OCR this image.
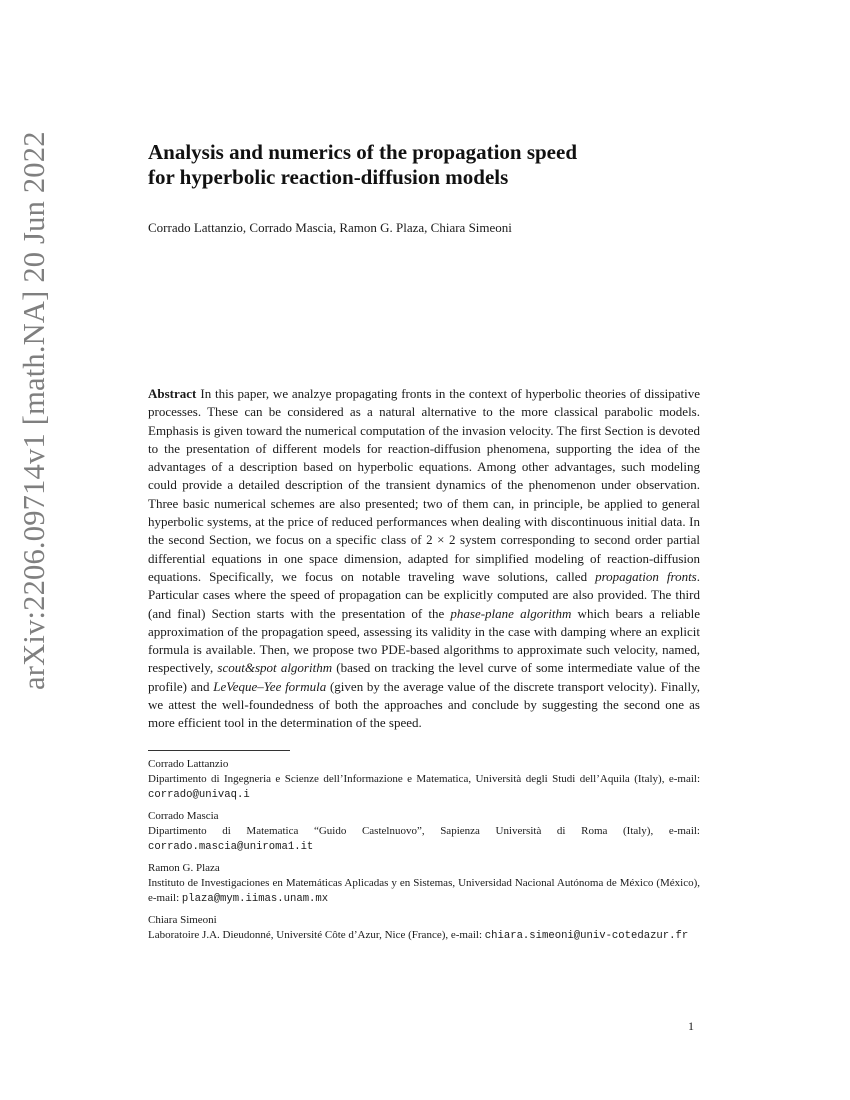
arXiv:2206.09714v1 [math.NA] 20 Jun 2022	Analysis and numerics of the propagation speed
for hyperbolic reaction-diffusion models
Corrado Lattanzio, Corrado Mascia, Ramon G. Plaza, Chiara Simeoni

Abstract In this paper, we analzye propagating fronts in the context of hyperbolic theories of dissipative processes. These can be considered as a natural alternative to the more classical parabolic models. Emphasis is given toward the numerical computation of the invasion velocity. The first Section is devoted to the presentation of different models for reaction-diffusion phenomena, supporting the idea of the advantages of a description based on hyperbolic equations. Among other advantages, such modeling could provide a detailed description of the transient dynamics of the phenomenon under observation. Three basic numerical schemes are also presented; two of them can, in principle, be applied to general hyperbolic systems, at the price of reduced performances when dealing with discontinuous initial data. In the second Section, we focus on a specific class of 2 × 2 system corresponding to second order partial differential equations in one space dimension, adapted for simplified modeling of reaction-diffusion equations. Specifically, we focus on notable traveling wave solutions, called propagation fronts. Particular cases where the speed of propagation can be explicitly computed are also provided. The third (and final) Section starts with the presentation of the phase-plane algorithm which bears a reliable approximation of the propagation speed, assessing its validity in the case with damping where an explicit formula is available. Then, we propose two PDE-based algorithms to approximate such velocity, named, respectively, scout&spot algorithm (based on tracking the level curve of some intermediate value of the profile) and LeVeque–Yee formula (given by the average value of the discrete transport velocity). Finally, we attest the well-foundedness of both the approaches and conclude by suggesting the second one as more efficient tool in the determination of the speed.

Corrado Lattanzio
Dipartimento di Ingegneria e Scienze dell’Informazione e Matematica, Università degli Studi dell’Aquila (Italy), e-mail: corrado@univaq.i
Corrado Mascia
Dipartimento di Matematica “Guido Castelnuovo”, Sapienza Università di Roma (Italy), e-mail: corrado.mascia@uniroma1.it
Ramon G. Plaza
Instituto de Investigaciones en Matemáticas Aplicadas y en Sistemas, Universidad Nacional Autónoma de México (México), e-mail: plaza@mym.iimas.unam.mx
Chiara Simeoni
Laboratoire J.A. Dieudonné, Université Côte d’Azur, Nice (France), e-mail: chiara.simeoni@univ-cotedazur.fr
1
